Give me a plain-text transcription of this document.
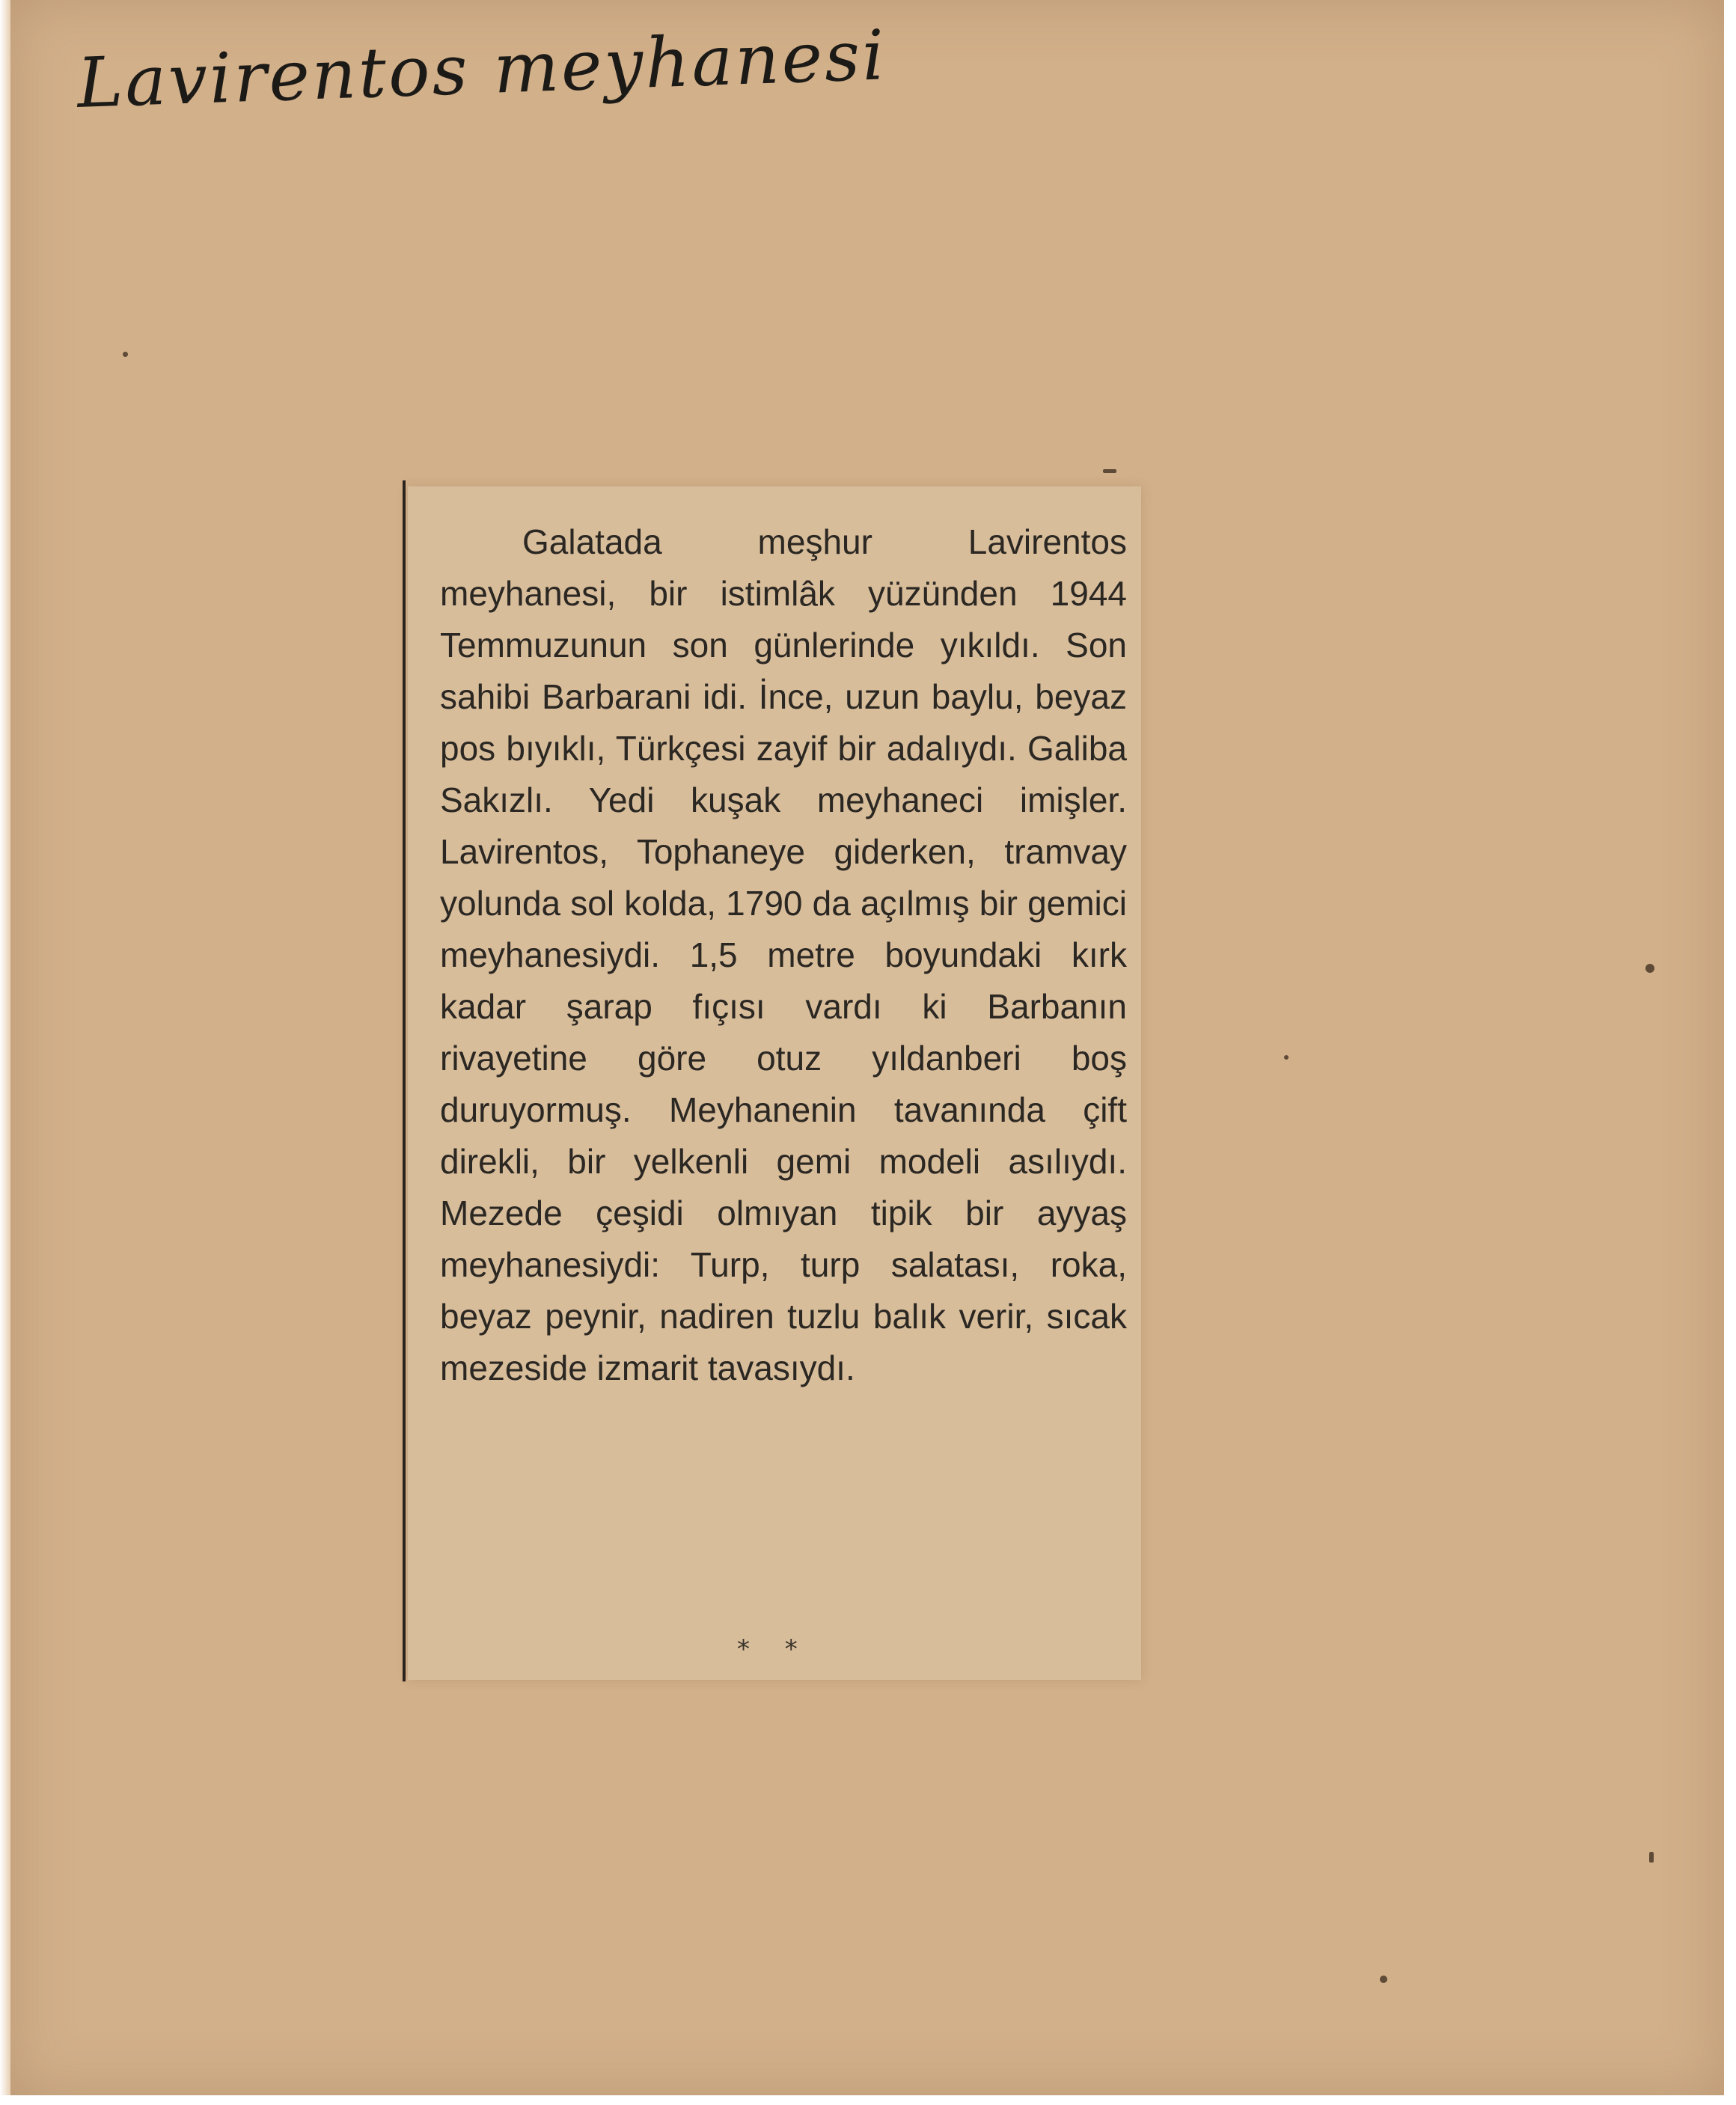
Lavirentos meyhanesi
Galatada meşhur Lavirentos meyhanesi, bir istimlâk yüzünden 1944 Temmuzunun son günlerinde yıkıldı. Son sahibi Barbarani idi. İnce, uzun baylu, beyaz pos bıyıklı, Türkçesi zayif bir adalıydı. Galiba Sakızlı. Yedi kuşak meyhaneci imişler. Lavirentos, Tophaneye giderken, tramvay yolunda sol kolda, 1790 da açılmış bir gemici meyhanesiydi. 1,5 metre boyundaki kırk kadar şarap fıçısı vardı ki Barbanın rivayetine göre otuz yıldanberi boş duruyormuş. Meyhanenin tavanında çift direkli, bir yelkenli gemi modeli asılıydı. Mezede çeşidi olmıyan tipik bir ayyaş meyhanesiydi: Turp, turp salatası, roka, beyaz peynir, nadiren tuzlu balık verir, sıcak mezeside izmarit tavasıydı.
* *
